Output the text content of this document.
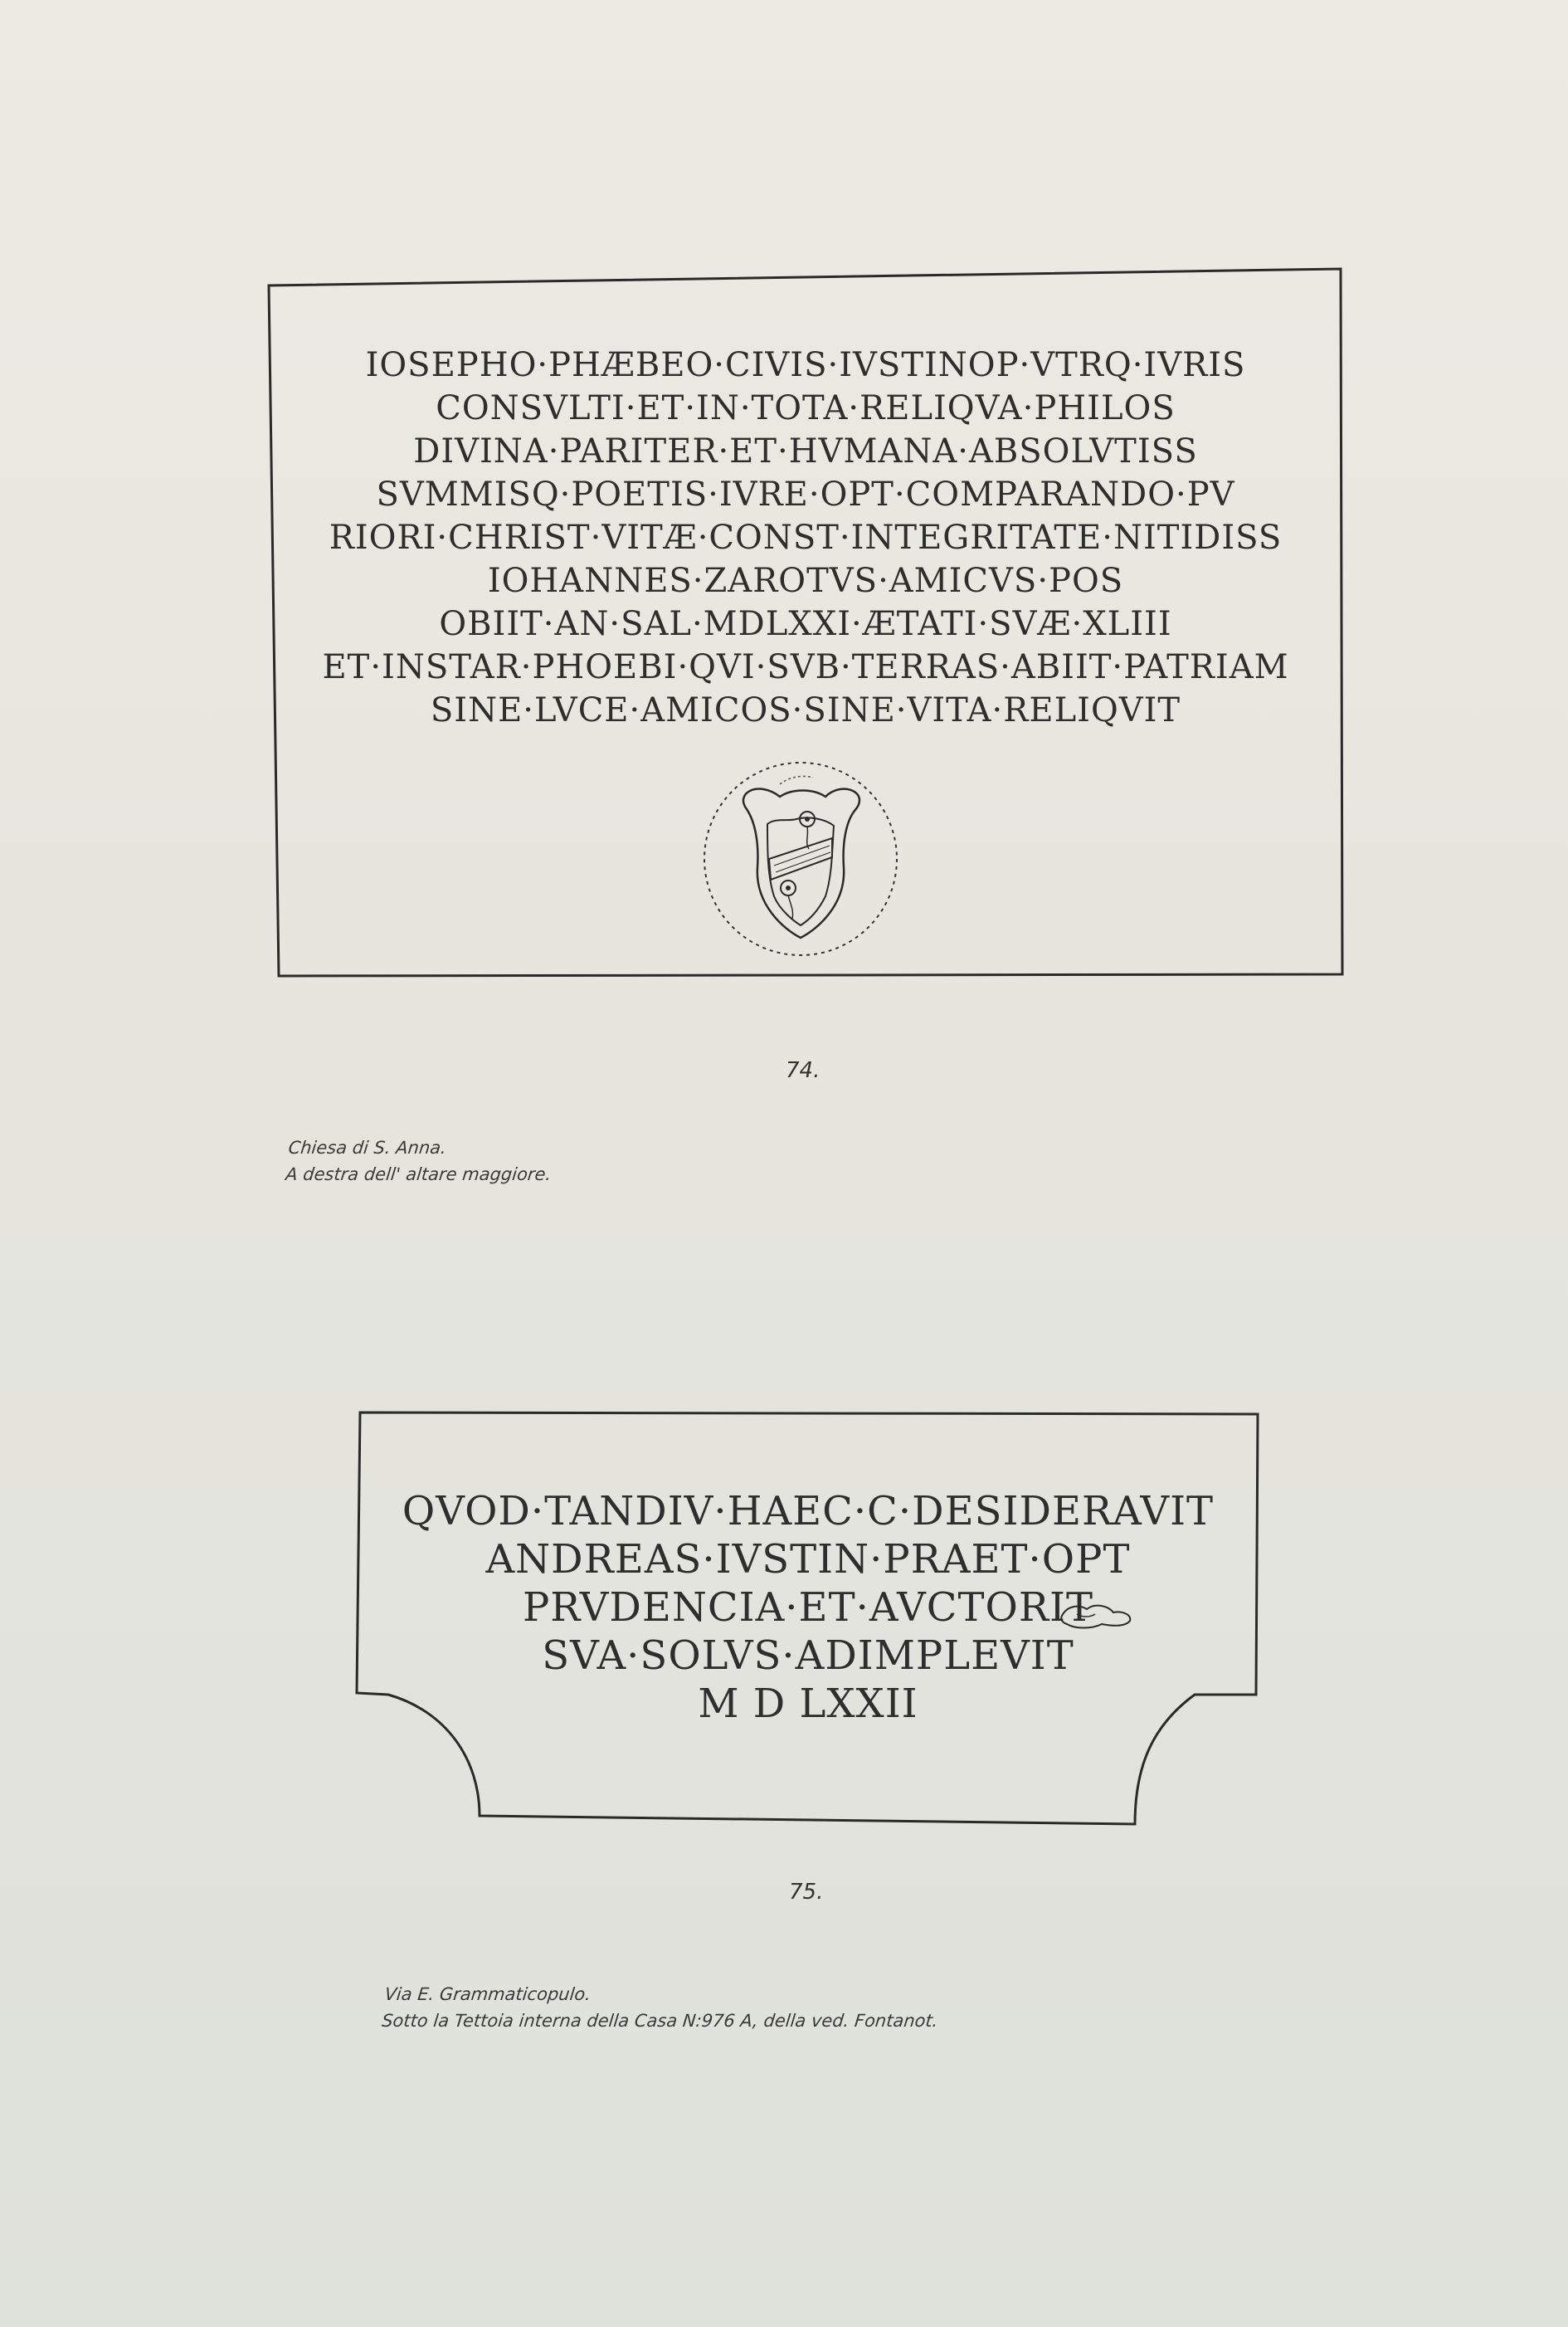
IOSEPHO·PHÆBEO·CIVIS·IVSTINOP·VTRQ·IVRIS
CONSVLTI·ET·IN·TOTA·RELIQVA·PHILOS
DIVINA·PARITER·ET·HVMANA·ABSOLVTISS
SVMMISQ·POETIS·IVRE·OPT·COMPARANDO·PV
RIORI·CHRIST·VITÆ·CONST·INTEGRITATE·NITIDISS
IOHANNES·ZAROTVS·AMICVS·POS
OBIIT·AN·SAL·MDLXXI·ÆTATI·SVÆ·XLIII
ET·INSTAR·PHOEBI·QVI·SVB·TERRAS·ABIIT·PATRIAM
SINE·LVCE·AMICOS·SINE·VITA·RELIQVIT
74.
Chiesa di S. Anna.
A destra dell' altare maggiore.
QVOD·TANDIV·HAEC·C·DESIDERAVIT
ANDREAS·IVSTIN·PRAET·OPT
PRVDENCIA·ET·AVCTORIT
SVA·SOLVS·ADIMPLEVIT
M D LXXII
75.
Via E. Grammaticopulo.
Sotto la Tettoia interna della Casa N:976 A, della ved. Fontanot.
